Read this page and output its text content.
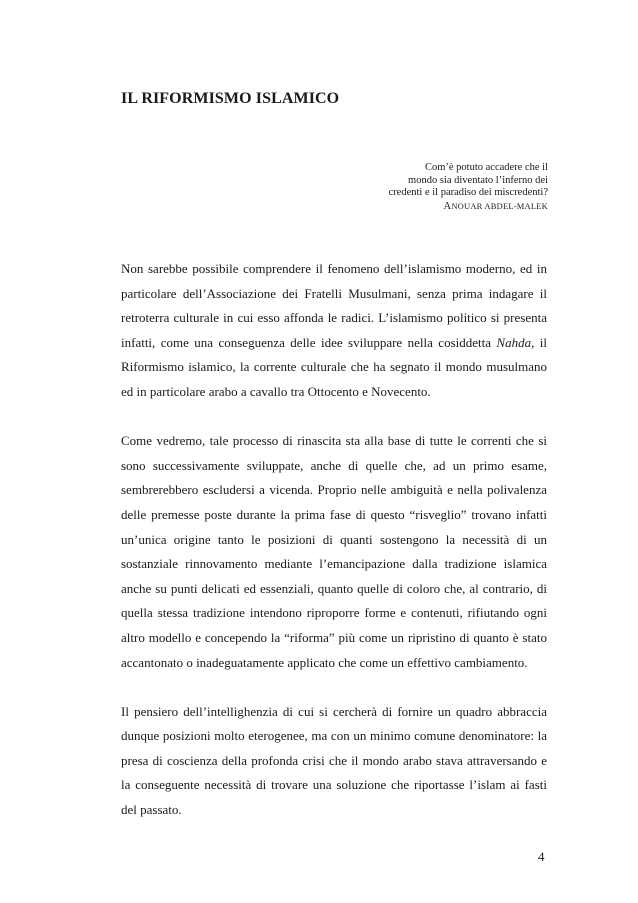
IL RIFORMISMO ISLAMICO
Com’è potuto accadere che il
mondo sia diventato l’inferno dei
credenti e il paradiso dei miscredenti?
ANOUAR ABDEL-MALEK

Non sarebbe possibile comprendere il fenomeno dell’islamismo moderno, ed in particolare dell’Associazione dei Fratelli Musulmani, senza prima indagare il retroterra culturale in cui esso affonda le radici. L’islamismo politico si presenta infatti, come una conseguenza delle idee sviluppare nella cosiddetta Nahda, il Riformismo islamico, la corrente culturale che ha segnato il mondo musulmano ed in particolare arabo a cavallo tra Ottocento e Novecento.

Come vedremo, tale processo di rinascita sta alla base di tutte le correnti che si sono successivamente sviluppate, anche di quelle che, ad un primo esame, sembrerebbero escludersi a vicenda. Proprio nelle ambiguità e nella polivalenza delle premesse poste durante la prima fase di questo “risveglio” trovano infatti un’unica origine tanto le posizioni di quanti sostengono la necessità di un sostanziale rinnovamento mediante l’emancipazione dalla tradizione islamica anche su punti delicati ed essenziali, quanto quelle di coloro che, al contrario, di quella stessa tradizione intendono riproporre forme e contenuti, rifiutando ogni altro modello e concependo la “riforma” più come un ripristino di quanto è stato accantonato o inadeguatamente applicato che come un effettivo cambiamento.

Il pensiero dell’intellighenzia di cui si cercherà di fornire un quadro abbraccia dunque posizioni molto eterogenee, ma con un minimo comune denominatore: la presa di coscienza della profonda crisi che il mondo arabo stava attraversando e la conseguente necessità di trovare una soluzione che riportasse l’islam ai fasti del passato.

4
